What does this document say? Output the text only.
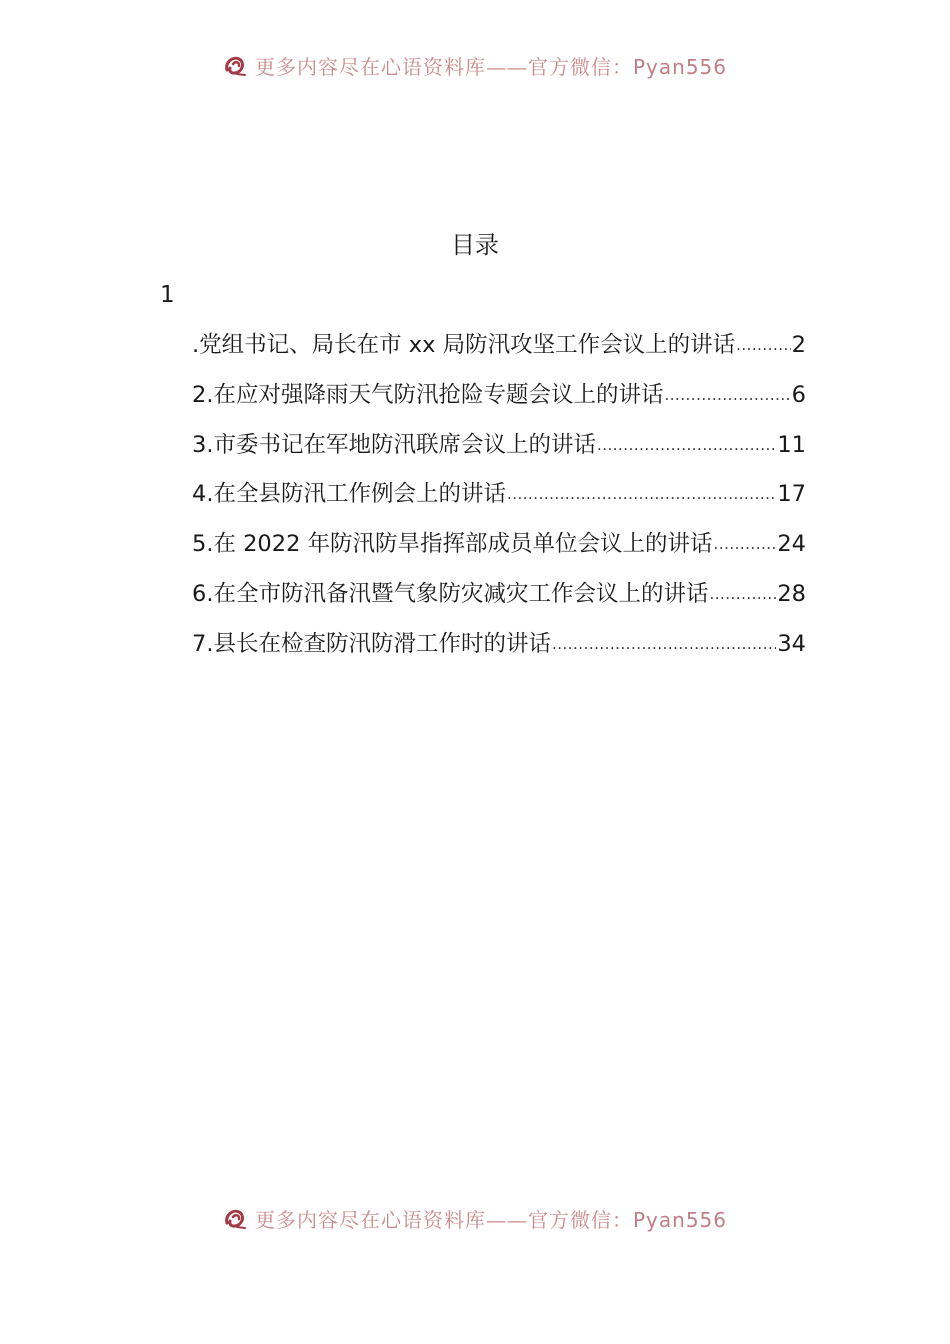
更多内容尽在心语资料库——官方微信：Pyan556
目录
1
.党组书记、局长在市 xx 局防汛攻坚工作会议上的讲话 .....	2
2.在应对强降雨天气防汛抢险专题会议上的讲话 .....	6
3.市委书记在军地防汛联席会议上的讲话 .....	11
4.在全县防汛工作例会上的讲话 .....	17
5.在 2022 年防汛防旱指挥部成员单位会议上的讲话 .....	24
6.在全市防汛备汛暨气象防灾减灾工作会议上的讲话 .....	28
7.县长在检查防汛防滑工作时的讲话 .....	34
更多内容尽在心语资料库——官方微信：Pyan556
